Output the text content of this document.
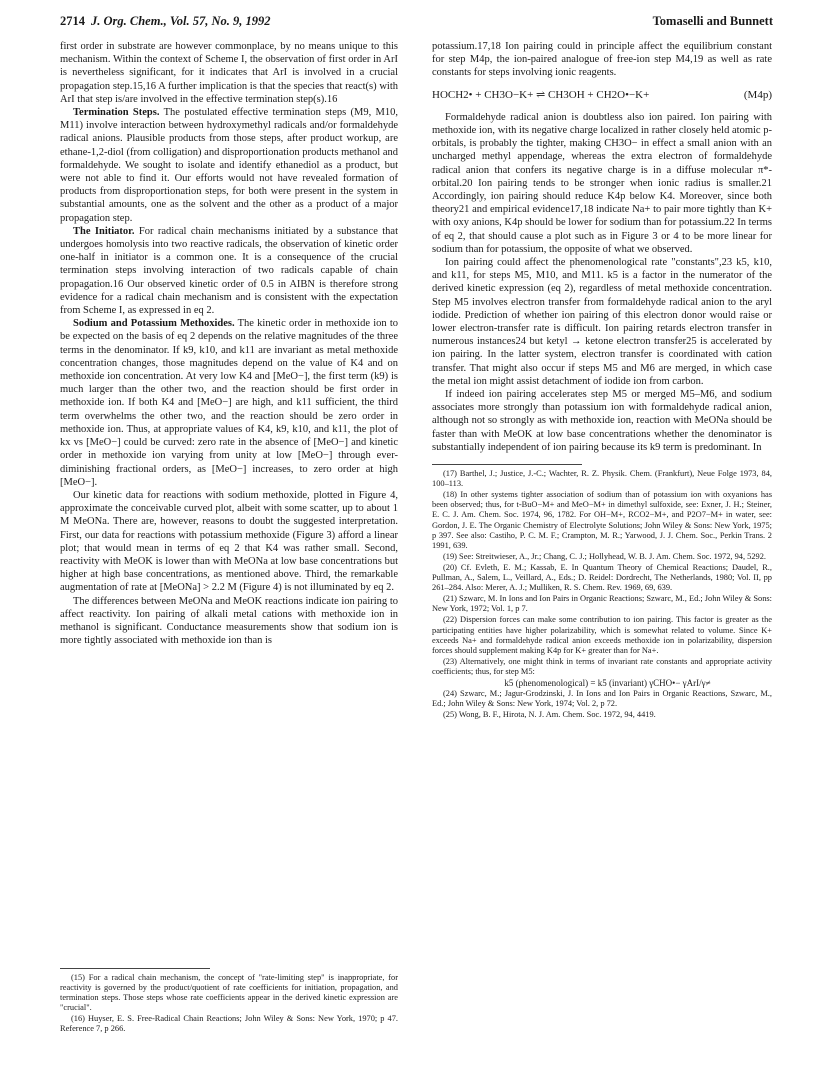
2714 J. Org. Chem., Vol. 57, No. 9, 1992	Tomaselli and Bunnett

first order in substrate are however commonplace, by no means unique to this mechanism. Within the context of Scheme I, the observation of first order in ArI is nevertheless significant, for it indicates that ArI is involved in a crucial propagation step.15,16 A further implication is that the species that react(s) with ArI that step is/are involved in the effective termination step(s).16

Termination Steps. The postulated effective termination steps (M9, M10, M11) involve interaction between hydroxymethyl radicals and/or formaldehyde radical anions. Plausible products from those steps, after product workup, are ethane-1,2-diol (from colligation) and disproportionation products methanol and formaldehyde. We sought to isolate and identify ethanediol as a product, but were not able to find it. Our efforts would not have revealed formation of products from disproportionation steps, for both were present in the system in substantial amounts, one as the solvent and the other as a product of a major propagation step.

The Initiator. For radical chain mechanisms initiated by a substance that undergoes homolysis into two reactive radicals, the observation of kinetic order one-half in initiator is a common one. It is a consequence of the crucial termination steps involving interaction of two radicals capable of chain propagation.16 Our observed kinetic order of 0.5 in AIBN is therefore strong evidence for a radical chain mechanism and is consistent with the expectation from Scheme I, as expressed in eq 2.

Sodium and Potassium Methoxides. The kinetic order in methoxide ion to be expected on the basis of eq 2 depends on the relative magnitudes of the three terms in the denominator. If k9, k10, and k11 are invariant as metal methoxide concentration changes, those magnitudes depend on the value of K4 and on methoxide ion concentration. At very low K4 and [MeO−], the first term (k9) is much larger than the other two, and the reaction should be first order in methoxide ion. If both K4 and [MeO−] are high, and k11 sufficient, the third term overwhelms the other two, and the reaction should be zero order in methoxide ion. Thus, at appropriate values of K4, k9, k10, and k11, the plot of kx vs [MeO−] could be curved: zero rate in the absence of [MeO−] and kinetic order in methoxide ion varying from unity at low [MeO−] through ever-diminishing fractional orders, as [MeO−] increases, to zero order at high [MeO−].

Our kinetic data for reactions with sodium methoxide, plotted in Figure 4, approximate the conceivable curved plot, albeit with some scatter, up to about 1 M MeONa. There are, however, reasons to doubt the suggested interpretation. First, our data for reactions with potassium methoxide (Figure 3) afford a linear plot; that would mean in terms of eq 2 that K4 was rather small. Second, reactivity with MeOK is lower than with MeONa at low base concentrations but higher at high base concentrations, as mentioned above. Third, the remarkable augmentation of rate at [MeONa] > 2.2 M (Figure 4) is not illuminated by eq 2.

The differences between MeONa and MeOK reactions indicate ion pairing to affect reactivity. Ion pairing of alkali metal cations with methoxide ion in methanol is significant. Conductance measurements show that sodium ion is more tightly associated with methoxide ion than is

(15) For a radical chain mechanism, the concept of "rate-limiting step" is inappropriate, for reactivity is governed by the product/quotient of rate coefficients for initiation, propagation, and termination steps. Those steps whose rate coefficients appear in the derived kinetic expression are "crucial".

(16) Huyser, E. S. Free-Radical Chain Reactions; John Wiley & Sons: New York, 1970; p 47. Reference 7, p 266.

potassium.17,18 Ion pairing could in principle affect the equilibrium constant for step M4p, the ion-paired analogue of free-ion step M4,19 as well as rate constants for steps involving ionic reagents.

HOCH2• + CH3O−K+ ⇌ CH3OH + CH2O•−K+	(M4p)

Formaldehyde radical anion is doubtless also ion paired. Ion pairing with methoxide ion, with its negative charge localized in rather closely held atomic p-orbitals, is probably the tighter, making CH3O− in effect a small anion with an uncharged methyl appendage, whereas the extra electron of formaldehyde radical anion that confers its negative charge is in a diffuse molecular π*-orbital.20 Ion pairing tends to be stronger when ionic radius is smaller.21 Accordingly, ion pairing should reduce K4p below K4. Moreover, since both theory21 and empirical evidence17,18 indicate Na+ to pair more tightly than K+ with oxy anions, K4p should be lower for sodium than for potassium.22 In terms of eq 2, that should cause a plot such as in Figure 3 or 4 to be more linear for sodium than for potassium, the opposite of what we observed.

Ion pairing could affect the phenomenological rate "constants",23 k5, k10, and k11, for steps M5, M10, and M11. k5 is a factor in the numerator of the derived kinetic expression (eq 2), regardless of metal methoxide concentration. Step M5 involves electron transfer from formaldehyde radical anion to the aryl iodide. Prediction of whether ion pairing of this electron donor would raise or lower electron-transfer rate is difficult. Ion pairing retards electron transfer in numerous instances24 but ketyl → ketone electron transfer25 is accelerated by ion pairing. In the latter system, electron transfer is coordinated with cation transfer. That might also occur if steps M5 and M6 are merged, in which case the metal ion might assist detachment of iodide ion from carbon.

If indeed ion pairing accelerates step M5 or merged M5–M6, and sodium associates more strongly than potassium ion with formaldehyde radical anion, although not so strongly as with methoxide ion, reaction with MeONa should be faster than with MeOK at low base concentrations whether the denominator is substantially independent of ion pairing because its k9 term is predominant. In

(17) Barthel, J.; Justice, J.-C.; Wachter, R. Z. Physik. Chem. (Frankfurt), Neue Folge 1973, 84, 100–113.

(18) In other systems tighter association of sodium than of potassium ion with oxyanions has been observed; thus, for t-BuO−M+ and MeO−M+ in dimethyl sulfoxide, see: Exner, J. H.; Steiner, E. C. J. Am. Chem. Soc. 1974, 96, 1782. For OH−M+, RCO2−M+, and P2O7−M+ in water, see: Gordon, J. E. The Organic Chemistry of Electrolyte Solutions; John Wiley & Sons: New York, 1975; p 397. See also: Castiho, P. C. M. F.; Crampton, M. R.; Yarwood, J. J. Chem. Soc., Perkin Trans. 2 1991, 639.

(19) See: Streitwieser, A., Jr.; Chang, C. J.; Hollyhead, W. B. J. Am. Chem. Soc. 1972, 94, 5292.

(20) Cf. Evleth, E. M.; Kassab, E. In Quantum Theory of Chemical Reactions; Daudel, R., Pullman, A., Salem, L., Veillard, A., Eds.; D. Reidel: Dordrecht, The Netherlands, 1980; Vol. II, pp 261–284. Also: Merer, A. J.; Mulliken, R. S. Chem. Rev. 1969, 69, 639.

(21) Szwarc, M. In Ions and Ion Pairs in Organic Reactions; Szwarc, M., Ed.; John Wiley & Sons: New York, 1972; Vol. 1, p 7.

(22) Dispersion forces can make some contribution to ion pairing. This factor is greater as the participating entities have higher polarizability, which is somewhat related to volume. Since K+ exceeds Na+ and formaldehyde radical anion exceeds methoxide ion in polarizability, dispersion forces should supplement making K4p for K+ greater than for Na+.

(23) Alternatively, one might think in terms of invariant rate constants and appropriate activity coefficients; thus, for step M5:

k5 (phenomenological) = k5 (invariant) γCHO•− γArI/γ≠

(24) Szwarc, M.; Jagur-Grodzinski, J. In Ions and Ion Pairs in Organic Reactions, Szwarc, M., Ed.; John Wiley & Sons: New York, 1974; Vol. 2, p 72.

(25) Wong, B. F., Hirota, N. J. Am. Chem. Soc. 1972, 94, 4419.
